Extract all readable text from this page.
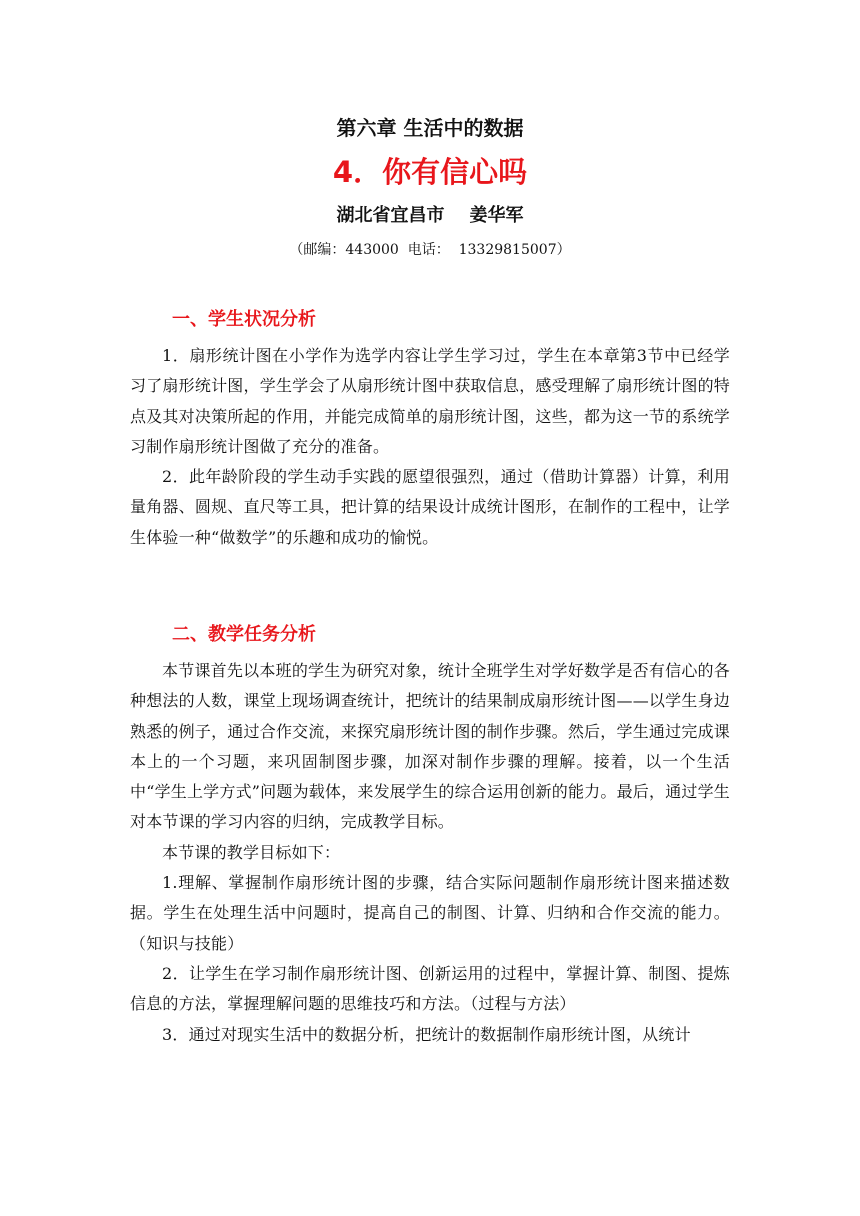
第六章 生活中的数据
4．你有信心吗
湖北省宜昌市    姜华军
（邮编：443000  电话：  13329815007）
一、学生状况分析

1．扇形统计图在小学作为选学内容让学生学习过，学生在本章第3节中已经学习了扇形统计图，学生学会了从扇形统计图中获取信息，感受理解了扇形统计图的特点及其对决策所起的作用，并能完成简单的扇形统计图，这些，都为这一节的系统学习制作扇形统计图做了充分的准备。

2．此年龄阶段的学生动手实践的愿望很强烈，通过（借助计算器）计算，利用量角器、圆规、直尺等工具，把计算的结果设计成统计图形，在制作的工程中，让学生体验一种“做数学”的乐趣和成功的愉悦。

二、教学任务分析

本节课首先以本班的学生为研究对象，统计全班学生对学好数学是否有信心的各种想法的人数，课堂上现场调查统计，把统计的结果制成扇形统计图——以学生身边熟悉的例子，通过合作交流，来探究扇形统计图的制作步骤。然后，学生通过完成课本上的一个习题，来巩固制图步骤，加深对制作步骤的理解。接着，以一个生活中“学生上学方式”问题为载体，来发展学生的综合运用创新的能力。最后，通过学生对本节课的学习内容的归纳，完成教学目标。

本节课的教学目标如下：

1.理解、掌握制作扇形统计图的步骤，结合实际问题制作扇形统计图来描述数据。学生在处理生活中问题时，提高自己的制图、计算、归纳和合作交流的能力。（知识与技能）

2．让学生在学习制作扇形统计图、创新运用的过程中，掌握计算、制图、提炼信息的方法，掌握理解问题的思维技巧和方法。（过程与方法）

3．通过对现实生活中的数据分析，把统计的数据制作扇形统计图，从统计
